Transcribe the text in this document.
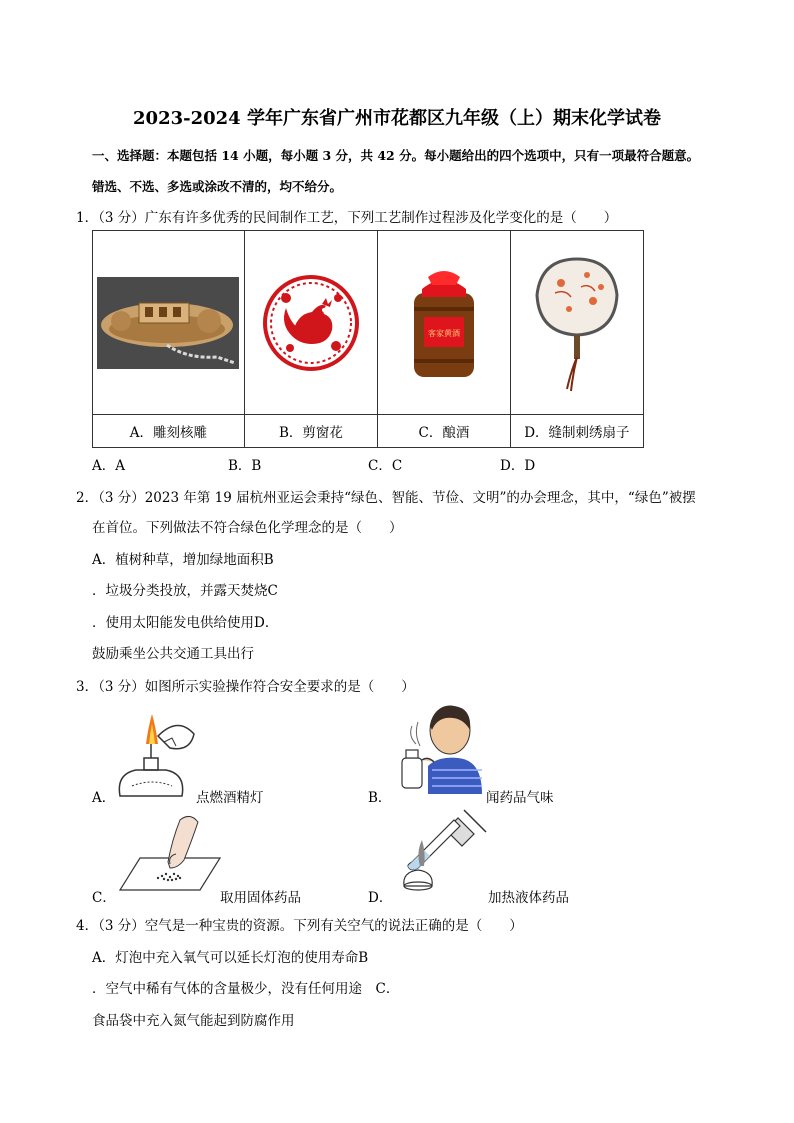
2023-2024 学年广东省广州市花都区九年级（上）期末化学试卷
一、选择题：本题包括 14 小题，每小题 3 分，共 42 分。每小题给出的四个选项中，只有一项最符合题意。
错选、不选、多选或涂改不清的，均不给分。
1．（3 分）广东有许多优秀的民间制作工艺，下列工艺制作过程涉及化学变化的是（　　）

客家黄酒

A．雕刻核雕	B．剪窗花	C．酿酒	D．缝制刺绣扇子
A．A	B．B	C．C	D．D
2．（3 分）2023 年第 19 届杭州亚运会秉持“绿色、智能、节俭、文明”的办会理念，其中，“绿色”被摆
在首位。下列做法不符合绿色化学理念的是（　　）
A．植树种草，增加绿地面积B
．垃圾分类投放，并露天焚烧C
．使用太阳能发电供给使用D．
鼓励乘坐公共交通工具出行
3．（3 分）如图所示实验操作符合安全要求的是（　　）
A．	点燃酒精灯	B．	闻药品气味
C．	取用固体药品	D．	加热液体药品
4．（3 分）空气是一种宝贵的资源。下列有关空气的说法正确的是（　　）
A．灯泡中充入氧气可以延长灯泡的使用寿命B
．空气中稀有气体的含量极少，没有任何用途　C．
食品袋中充入氮气能起到防腐作用
